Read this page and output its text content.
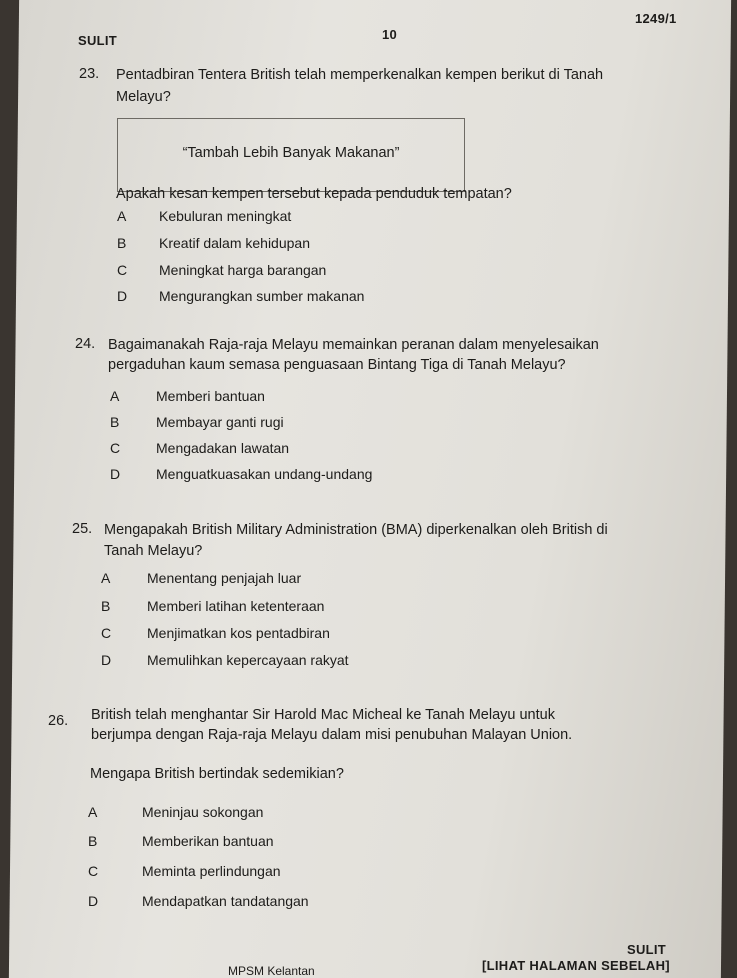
SULIT	10
1249/1
23. Pentadbiran Tentera British telah memperkenalkan kempen berikut di Tanah
Melayu?
“Tambah Lebih Banyak Makanan”
Apakah kesan kempen tersebut kepada penduduk tempatan?
A Kebuluran meningkat
B Kreatif dalam kehidupan
C Meningkat harga barangan
D Mengurangkan sumber makanan
24. Bagaimanakah Raja-raja Melayu memainkan peranan dalam menyelesaikan
pergaduhan kaum semasa penguasaan Bintang Tiga di Tanah Melayu?
A	Memberi bantuan
B	Membayar ganti rugi
C	Mengadakan lawatan
D	Menguatkuasakan undang-undang
25. Mengapakah British Military Administration (BMA) diperkenalkan oleh British di
Tanah Melayu?
A	Menentang penjajah luar
B	Memberi latihan ketenteraan
C	Menjimatkan kos pentadbiran
D	Memulihkan kepercayaan rakyat
26. British telah menghantar Sir Harold Mac Micheal ke Tanah Melayu untuk
berjumpa dengan Raja-raja Melayu dalam misi penubuhan Malayan Union.
Mengapa British bertindak sedemikian?
A	Meninjau sokongan
B	Memberikan bantuan
C	Meminta perlindungan
D	Mendapatkan tandatangan
MPSM Kelantan
SULIT
[LIHAT HALAMAN SEBELAH]
